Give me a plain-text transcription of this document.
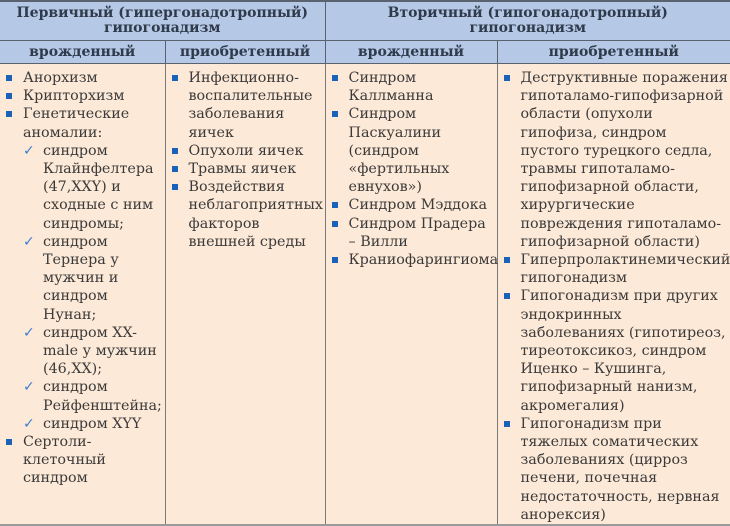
Первичный (гипергонадотропный) гипогонадизм		Вторичный (гипогонадотропный) гипогонадизм	
врожденный	приобретенный	врожденный	приобретенный

Анорхизм
Крипторхизм
Генетические аномалии:
✓ синдром Клайнфелтера (47,XXY) и сходные с ним синдромы;
✓ синдром Тернера у мужчин и синдром Нунан;
✓ синдром XX-male у мужчин (46,XX);
✓ синдром Рейфенштейна;
✓ синдром XYY
Сертоли-клеточный синдром

Инфекционно-воспалительные заболевания яичек
Опухоли яичек
Травмы яичек
Воздействия неблагоприятных факторов внешней среды

Синдром Каллманна
Синдром Паскуалини (синдром «фертильных евнухов»)
Синдром Мэддока
Синдром Прадера – Вилли
Краниофарингиома

Деструктивные поражения гипоталамо-гипофизарной области (опухоли гипофиза, синдром пустого турецкого седла, травмы гипоталамо-гипофизарной области, хирургические повреждения гипоталамо-гипофизарной области)
Гиперпролактинемический гипогонадизм
Гипогонадизм при других эндокринных заболеваниях (гипотиреоз, тиреотоксикоз, синдром Иценко – Кушинга, гипофизарный нанизм, акромегалия)
Гипогонадизм при тяжелых соматических заболеваниях (цирроз печени, почечная недостаточность, нервная анорексия)
